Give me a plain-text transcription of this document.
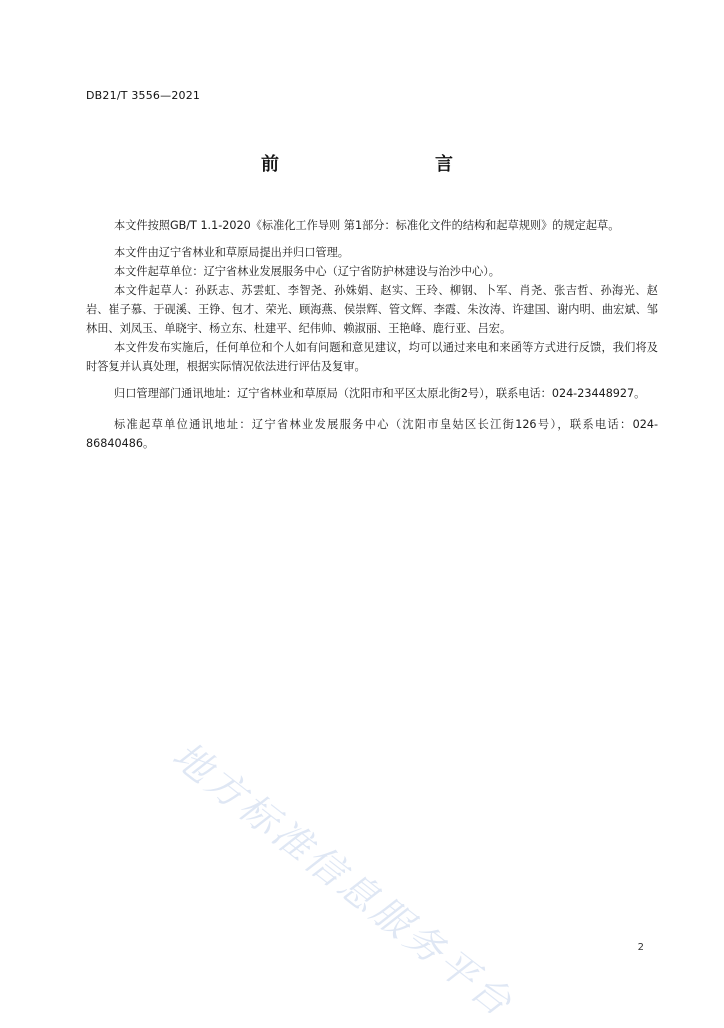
DB21/T 3556—2021
前　　言

本文件按照GB/T 1.1-2020《标准化工作导则 第1部分：标准化文件的结构和起草规则》的规定起草。

本文件由辽宁省林业和草原局提出并归口管理。

本文件起草单位：辽宁省林业发展服务中心（辽宁省防护林建设与治沙中心）。

本文件起草人：孙跃志、苏雲虹、李智尧、孙姝娟、赵实、王玲、柳钢、卜军、肖尧、张吉哲、孙海光、赵岩、崔子慕、于砚溪、王铮、包才、荣光、顾海燕、侯崇辉、管文辉、李霞、朱汝涛、许建国、谢内明、曲宏斌、邹林田、刘凤玉、单晓宇、杨立东、杜建平、纪伟帅、赖淑丽、王艳峰、鹿行亚、吕宏。

本文件发布实施后，任何单位和个人如有问题和意见建议，均可以通过来电和来函等方式进行反馈，我们将及时答复并认真处理，根据实际情况依法进行评估及复审。

归口管理部门通讯地址：辽宁省林业和草原局（沈阳市和平区太原北街2号），联系电话：024-23448927。

标准起草单位通讯地址：辽宁省林业发展服务中心（沈阳市皇姑区长江街126号），联系电话：024-86840486。

地方标准信息服务平台	2
